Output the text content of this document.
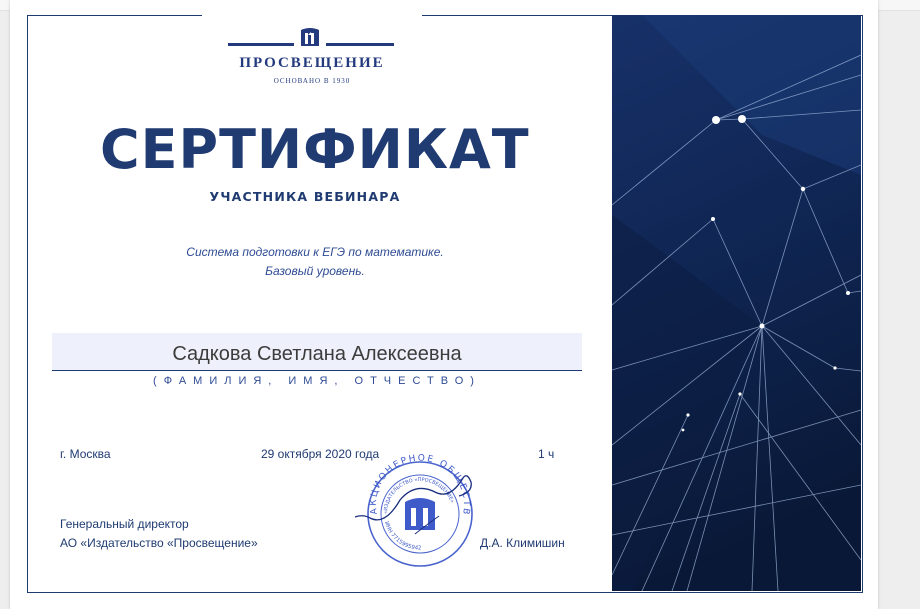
ПРОСВЕЩЕНИЕ
ОСНОВАНО В 1930
СЕРТИФИКАТ
УЧАСТНИКА ВЕБИНАРА
Система подготовки к ЕГЭ по математике.
Базовый уровень.
Садкова Светлана Алексеевна
(ФАМИЛИЯ, ИМЯ, ОТЧЕСТВО)
г. Москва	29 октября 2020 года	1 ч
Генеральный директор
АО «Издательство «Просвещение»	Д.А. Климишин
АКЦИОНЕРНОЕ ОБЩЕСТВ
«ИЗДАТЕЛЬСТВО «ПРОСВЕЩЕНИЕ»
ИНН 7715995942
